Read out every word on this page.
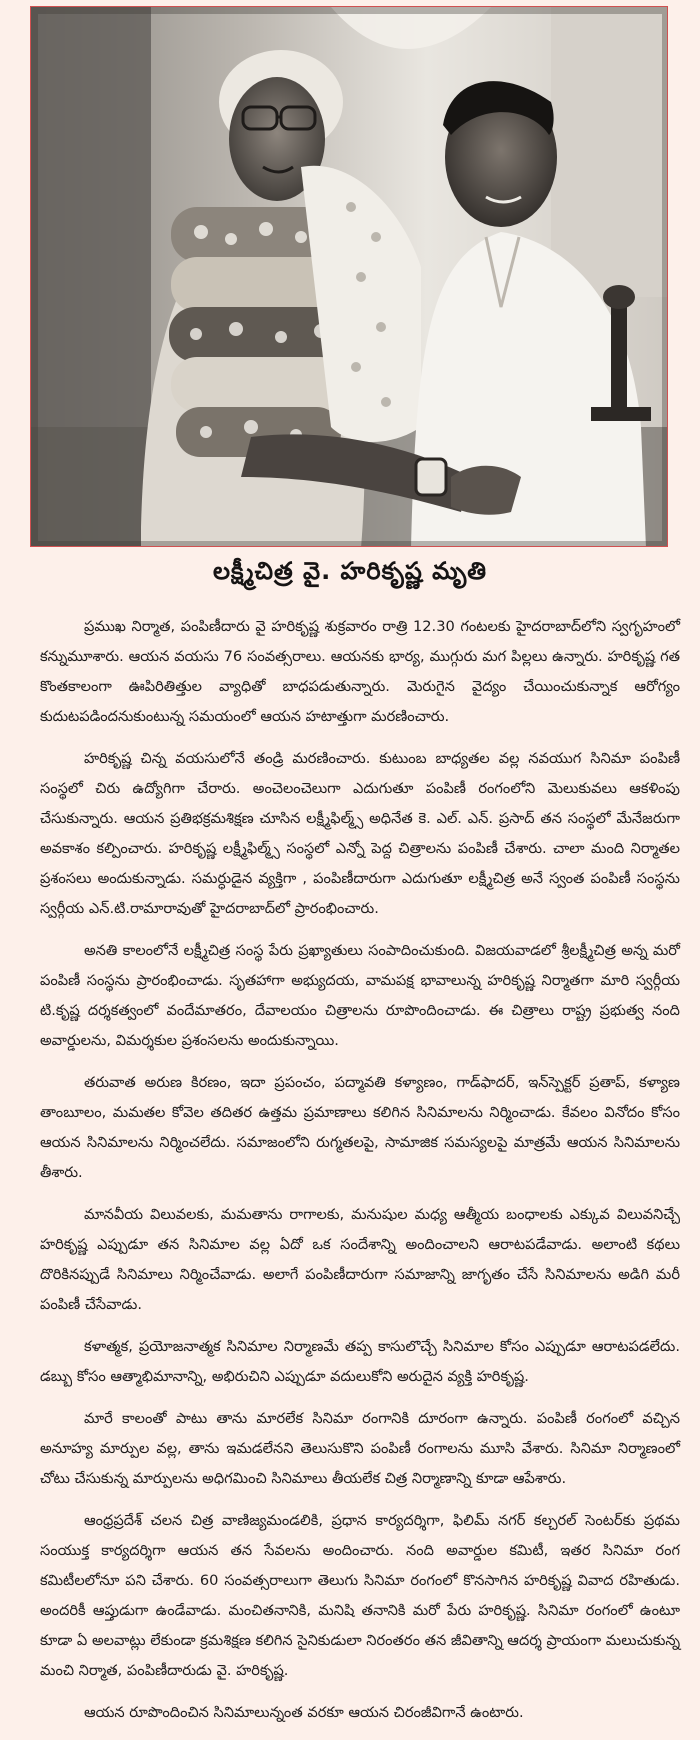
లక్ష్మీచిత్ర వై. హరికృష్ణ మృతి

ప్రముఖ నిర్మాత, పంపిణీదారు వై హరికృష్ణ శుక్రవారం రాత్రి 12.30 గంటలకు హైదరాబాద్‌లోని స్వగృహంలో కన్నుమూశారు. ఆయన వయసు 76 సంవత్సరాలు. ఆయనకు భార్య, ముగ్గురు మగ పిల్లలు ఉన్నారు. హరికృష్ణ గత కొంతకాలంగా ఊపిరితిత్తుల వ్యాధితో బాధపడుతున్నారు. మెరుగైన వైద్యం చేయించుకున్నాక ఆరోగ్యం కుదుటపడిందనుకుంటున్న సమయంలో ఆయన హటాత్తుగా మరణించారు.

హరికృష్ణ చిన్న వయసులోనే తండ్రి మరణించారు. కుటుంబ బాధ్యతల వల్ల నవయుగ సినిమా పంపిణీ సంస్థలో చిరు ఉద్యోగిగా చేరారు. అంచెలంచెలుగా ఎదుగుతూ పంపిణీ రంగంలోని మెలుకువలు ఆకళింపు చేసుకున్నారు. ఆయన ప్రతిభక్రమశిక్షణ చూసిన లక్ష్మీఫిల్మ్స్ అధినేత కె. ఎల్. ఎన్. ప్రసాద్ తన సంస్థలో మేనేజరుగా అవకాశం కల్పించారు. హరికృష్ణ లక్ష్మీఫిల్మ్స్ సంస్థలో ఎన్నో పెద్ద చిత్రాలను పంపిణీ చేశారు. చాలా మంది నిర్మాతల ప్రశంసలు అందుకున్నాడు. సమర్ధుడైన వ్యక్తిగా , పంపిణీదారుగా ఎదుగుతూ లక్ష్మీచిత్ర అనే స్వంత పంపిణీ సంస్థను స్వర్గీయ ఎన్.టి.రామారావుతో హైదరాబాద్‌లో ప్రారంభించారు.

అనతి కాలంలోనే లక్ష్మీచిత్ర సంస్థ పేరు ప్రఖ్యాతులు సంపాదించుకుంది. విజయవాడలో శ్రీలక్ష్మీచిత్ర అన్న మరో పంపిణీ సంస్థను ప్రారంభించాడు. సృతహాగా అభ్యుదయ, వామపక్ష భావాలున్న హరికృష్ణ నిర్మాతగా మారి స్వర్గీయ టి.కృష్ణ దర్శకత్వంలో వందేమాతరం, దేవాలయం చిత్రాలను రూపొందించాడు. ఈ చిత్రాలు రాష్ట్ర ప్రభుత్వ నంది అవార్డులను, విమర్శకుల ప్రశంసలను అందుకున్నాయి.

తరువాత అరుణ కిరణం, ఇదా ప్రపంచం, పద్మావతి కళ్యాణం, గాడ్‌ఫాదర్, ఇన్‌స్పెక్టర్ ప్రతాప్, కళ్యాణ తాంబూలం, మమతల కోవెల తదితర ఉత్తమ ప్రమాణాలు కలిగిన సినిమాలను నిర్మించాడు. కేవలం వినోదం కోసం ఆయన సినిమాలను నిర్మించలేదు. సమాజంలోని రుగ్మతలపై, సామాజిక సమస్యలపై మాత్రమే ఆయన సినిమాలను తీశారు.

మానవీయ విలువలకు, మమతాను రాగాలకు, మనుషుల మధ్య ఆత్మీయ బంధాలకు ఎక్కువ విలువనిచ్చే హరికృష్ణ ఎప్పుడూ తన సినిమాల వల్ల ఏదో ఒక సందేశాన్ని అందించాలని ఆరాటపడేవాడు. అలాంటి కథలు దొరికినప్పుడే సినిమాలు నిర్మించేవాడు. అలాగే పంపిణీదారుగా సమాజాన్ని జాగృతం చేసే సినిమాలను అడిగి మరీ పంపిణీ చేసేవాడు.

కళాత్మక, ప్రయోజనాత్మక సినిమాల నిర్మాణమే తప్ప కాసులొచ్చే సినిమాల కోసం ఎప్పుడూ ఆరాటపడలేదు. డబ్బు కోసం ఆత్మాభిమానాన్ని, అభిరుచిని ఎప్పుడూ వదులుకోని అరుదైన వ్యక్తి హరికృష్ణ.

మారే కాలంతో పాటు తాను మారలేక సినిమా రంగానికి దూరంగా ఉన్నారు. పంపిణీ రంగంలో వచ్చిన అనూహ్య మార్పుల వల్ల, తాను ఇమడలేనని తెలుసుకొని పంపిణీ రంగాలను మూసి వేశారు. సినిమా నిర్మాణంలో చోటు చేసుకున్న మార్పులను అధిగమించి సినిమాలు తీయలేక చిత్ర నిర్మాణాన్ని కూడా ఆపేశారు.

ఆంధ్రప్రదేశ్ చలన చిత్ర వాణిజ్యమండలికి, ప్రధాన కార్యదర్శిగా, ఫిలిమ్ నగర్ కల్చరల్ సెంటర్‌కు ప్రథమ సంయుక్త కార్యదర్శిగా ఆయన తన సేవలను అందించారు. నంది అవార్డుల కమిటీ, ఇతర సినిమా రంగ కమిటీలలోనూ పని చేశారు. 60 సంవత్సరాలుగా తెలుగు సినిమా రంగంలో కొనసాగిన హరికృష్ణ వివాద రహితుడు. అందరికీ ఆప్తుడుగా ఉండేవాడు. మంచితనానికి, మనిషి తనానికి మరో పేరు హరికృష్ణ. సినిమా రంగంలో ఉంటూ కూడా ఏ అలవాట్లు లేకుండా క్రమశిక్షణ కలిగిన సైనికుడులా నిరంతరం తన జీవితాన్ని ఆదర్శ ప్రాయంగా మలుచుకున్న మంచి నిర్మాత, పంపిణీదారుడు వై. హరికృష్ణ.

ఆయన రూపొందించిన సినిమాలున్నంత వరకూ ఆయన చిరంజీవిగానే ఉంటారు.
